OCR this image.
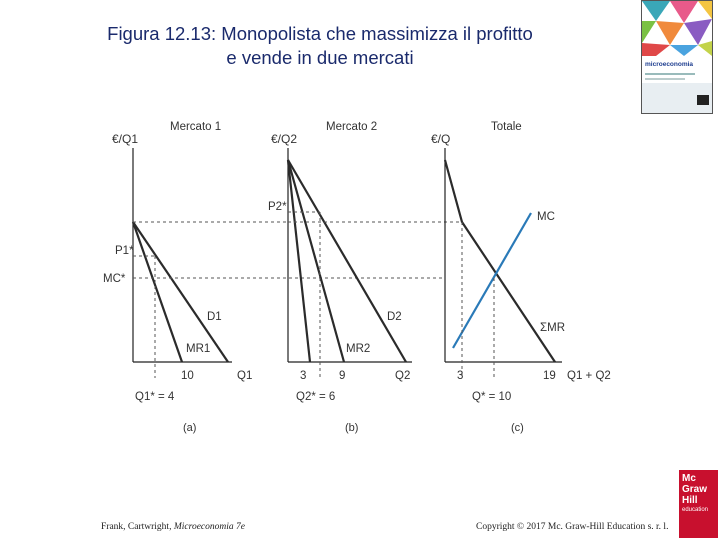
Figura 12.13: Monopolista che massimizza il profitto
e vende in due mercati	microeconomia
Mercato 1
€/Q1
P1*
MC*
D1
MR1
10	Q1
Q1* = 4
(a)
Mercato 2
€/Q2
P2*
D2
MR2
3	9	Q2
Q2* = 6
(b)
Totale
€/Q
MC
ΣMR
3	19 Q1 + Q2
Q* = 10
(c)
Frank, Cartwright, Microeconomia 7e	Copyright © 2017 Mc. Graw-Hill Education s. r. l.
Mc
Graw
Hill
education
